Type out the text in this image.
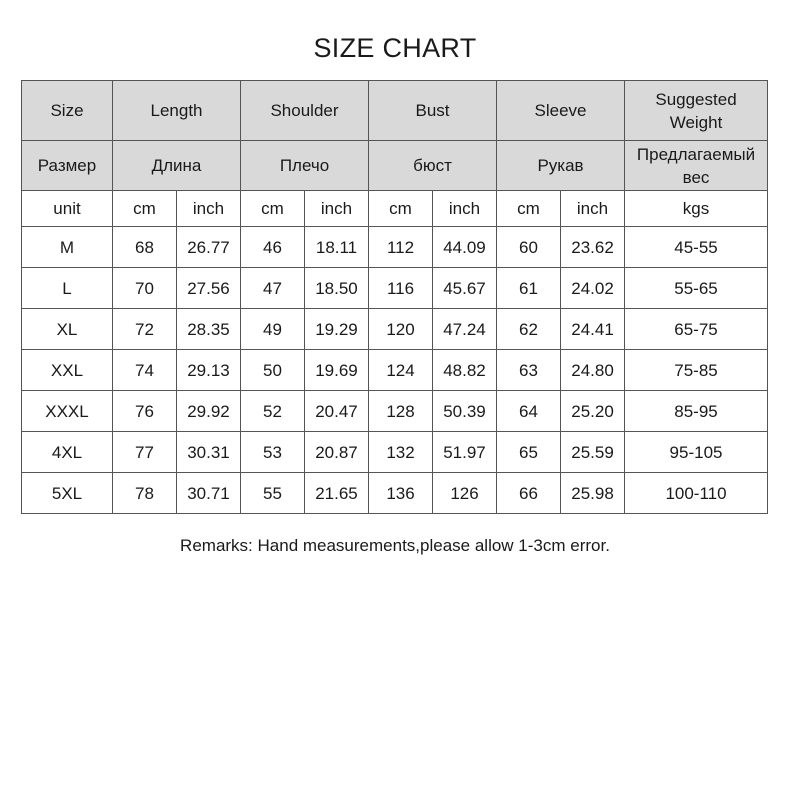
SIZE CHART
Size	Length		Shoulder		Bust		Sleeve		Suggested Weight
Размер	Длина		Плечо		бюст		Рукав		Предлагаемый вес
unit	cm	inch	cm	inch	cm	inch	cm	inch	kgs
M	68	26.77	46	18.11	112	44.09	60	23.62	45-55
L	70	27.56	47	18.50	116	45.67	61	24.02	55-65
XL	72	28.35	49	19.29	120	47.24	62	24.41	65-75
XXL	74	29.13	50	19.69	124	48.82	63	24.80	75-85
XXXL	76	29.92	52	20.47	128	50.39	64	25.20	85-95
4XL	77	30.31	53	20.87	132	51.97	65	25.59	95-105
5XL	78	30.71	55	21.65	136	126	66	25.98	100-110
Remarks: Hand measurements,please allow 1-3cm error.
